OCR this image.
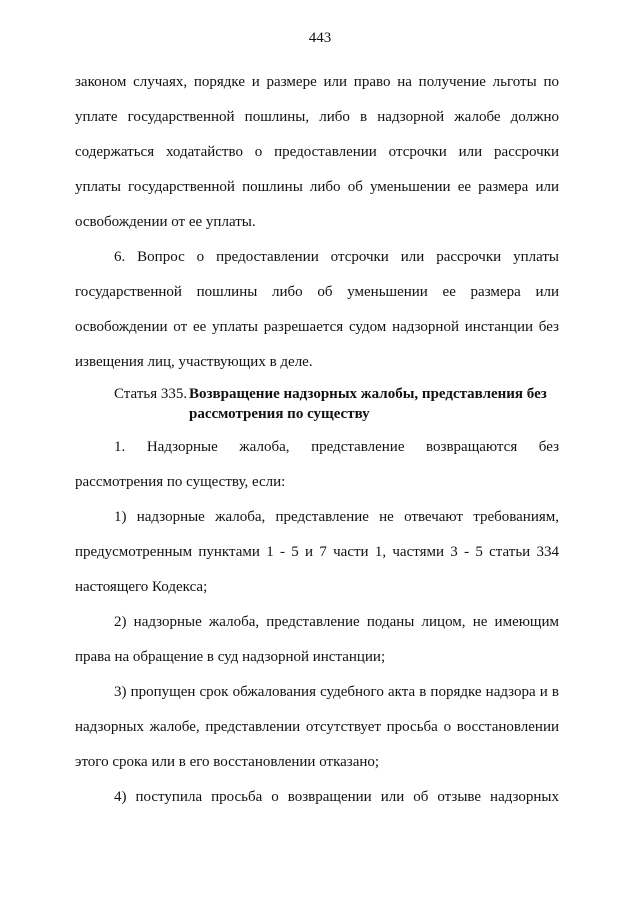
443
законом случаях, порядке и размере или право на получение льготы по
уплате государственной пошлины, либо в надзорной жалобе должно
содержаться ходатайство о предоставлении отсрочки или рассрочки
уплаты государственной пошлины либо об уменьшении ее размера или
освобождении от ее уплаты.
6. Вопрос о предоставлении отсрочки или рассрочки уплаты
государственной пошлины либо об уменьшении ее размера или
освобождении от ее уплаты разрешается судом надзорной инстанции без
извещения лиц, участвующих в деле.
Статья 335. Возвращение надзорных жалобы, представления без
рассмотрения по существу
1. Надзорные жалоба, представление возвращаются без
рассмотрения по существу, если:
1) надзорные жалоба, представление не отвечают требованиям,
предусмотренным пунктами 1 - 5 и 7 части 1, частями 3 - 5 статьи 334
настоящего Кодекса;
2) надзорные жалоба, представление поданы лицом, не имеющим
права на обращение в суд надзорной инстанции;
3) пропущен срок обжалования судебного акта в порядке надзора и в
надзорных жалобе, представлении отсутствует просьба о восстановлении
этого срока или в его восстановлении отказано;
4) поступила просьба о возвращении или об отзыве надзорных
